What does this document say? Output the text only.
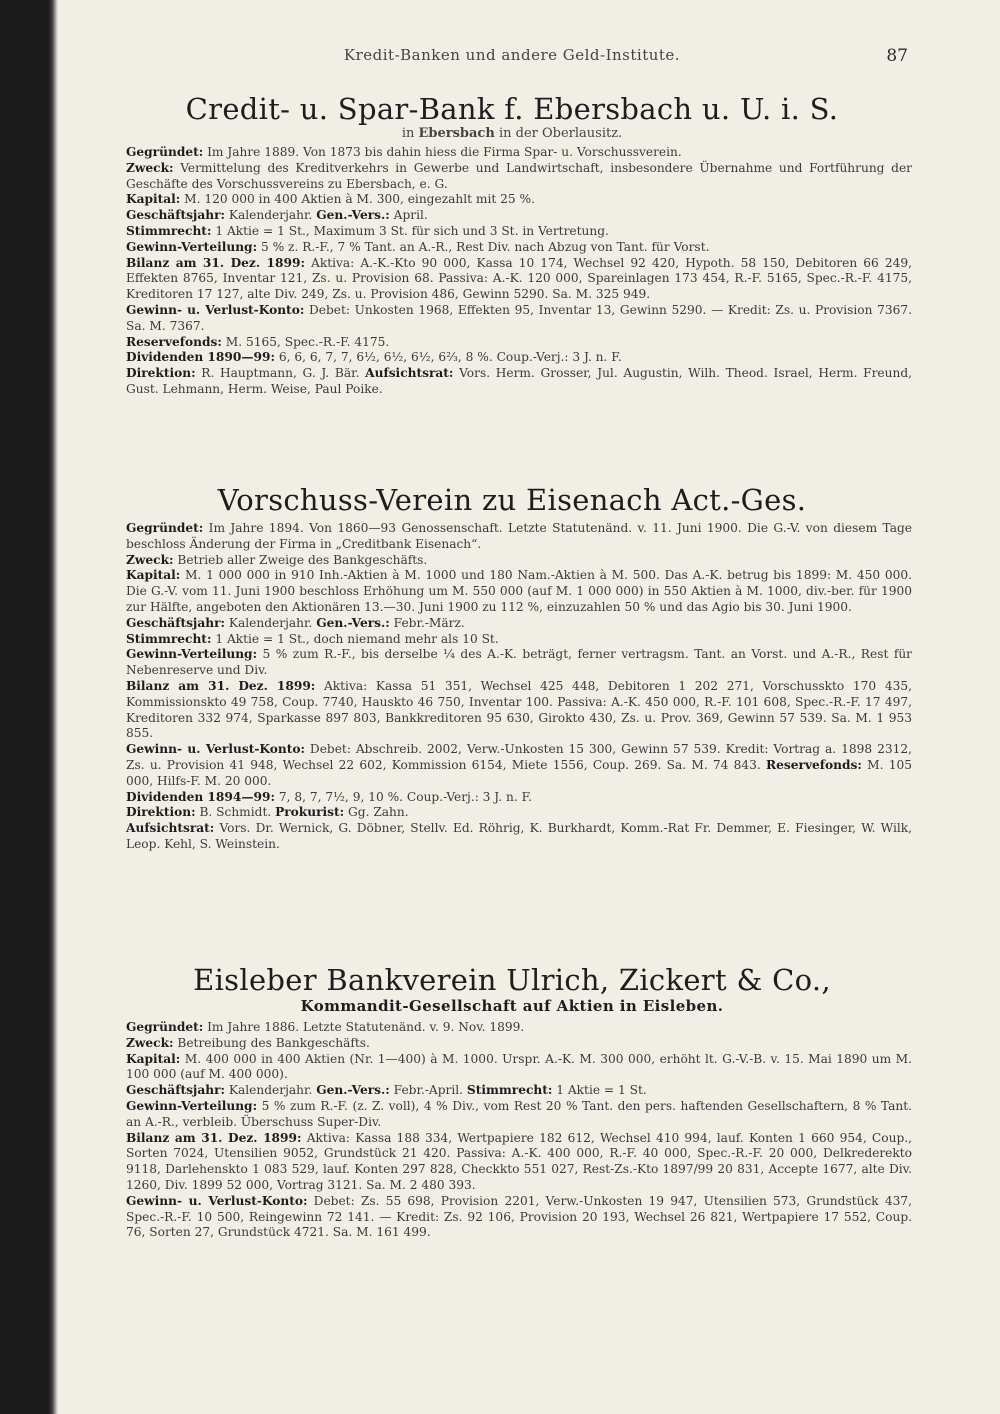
Kredit-Banken und andere Geld-Institute.	87
Credit- u. Spar-Bank f. Ebersbach u. U. i. S.
in Ebersbach in der Oberlausitz.

Gegründet: Im Jahre 1889. Von 1873 bis dahin hiess die Firma Spar- u. Vorschussverein.

Zweck: Vermittelung des Kreditverkehrs in Gewerbe und Landwirtschaft, insbesondere Übernahme und Fortführung der Geschäfte des Vorschussvereins zu Ebersbach, e. G.

Kapital: M. 120 000 in 400 Aktien à M. 300, eingezahlt mit 25 %.

Geschäftsjahr: Kalenderjahr. Gen.-Vers.: April.

Stimmrecht: 1 Aktie = 1 St., Maximum 3 St. für sich und 3 St. in Vertretung.

Gewinn-Verteilung: 5 % z. R.-F., 7 % Tant. an A.-R., Rest Div. nach Abzug von Tant. für Vorst.

Bilanz am 31. Dez. 1899: Aktiva: A.-K.-Kto 90 000, Kassa 10 174, Wechsel 92 420, Hypoth. 58 150, Debitoren 66 249, Effekten 8765, Inventar 121, Zs. u. Provision 68. Passiva: A.-K. 120 000, Spareinlagen 173 454, R.-F. 5165, Spec.-R.-F. 4175, Kreditoren 17 127, alte Div. 249, Zs. u. Provision 486, Gewinn 5290. Sa. M. 325 949.

Gewinn- u. Verlust-Konto: Debet: Unkosten 1968, Effekten 95, Inventar 13, Gewinn 5290. — Kredit: Zs. u. Provision 7367. Sa. M. 7367.

Reservefonds: M. 5165, Spec.-R.-F. 4175.

Dividenden 1890—99: 6, 6, 6, 7, 7, 6½, 6½, 6½, 6⅔, 8 %. Coup.-Verj.: 3 J. n. F.

Direktion: R. Hauptmann, G. J. Bär. Aufsichtsrat: Vors. Herm. Grosser, Jul. Augustin, Wilh. Theod. Israel, Herm. Freund, Gust. Lehmann, Herm. Weise, Paul Poike.

Vorschuss-Verein zu Eisenach Act.-Ges.

Gegründet: Im Jahre 1894. Von 1860—93 Genossenschaft. Letzte Statutenänd. v. 11. Juni 1900. Die G.-V. von diesem Tage beschloss Änderung der Firma in „Creditbank Eisenach“.

Zweck: Betrieb aller Zweige des Bankgeschäfts.

Kapital: M. 1 000 000 in 910 Inh.-Aktien à M. 1000 und 180 Nam.-Aktien à M. 500. Das A.-K. betrug bis 1899: M. 450 000. Die G.-V. vom 11. Juni 1900 beschloss Erhöhung um M. 550 000 (auf M. 1 000 000) in 550 Aktien à M. 1000, div.-ber. für 1900 zur Hälfte, angeboten den Aktionären 13.—30. Juni 1900 zu 112 %, einzuzahlen 50 % und das Agio bis 30. Juni 1900.

Geschäftsjahr: Kalenderjahr. Gen.-Vers.: Febr.-März.

Stimmrecht: 1 Aktie = 1 St., doch niemand mehr als 10 St.

Gewinn-Verteilung: 5 % zum R.-F., bis derselbe ¼ des A.-K. beträgt, ferner vertragsm. Tant. an Vorst. und A.-R., Rest für Nebenreserve und Div.

Bilanz am 31. Dez. 1899: Aktiva: Kassa 51 351, Wechsel 425 448, Debitoren 1 202 271, Vorschusskto 170 435, Kommissionskto 49 758, Coup. 7740, Hauskto 46 750, Inventar 100. Passiva: A.-K. 450 000, R.-F. 101 608, Spec.-R.-F. 17 497, Kreditoren 332 974, Sparkasse 897 803, Bankkreditoren 95 630, Girokto 430, Zs. u. Prov. 369, Gewinn 57 539. Sa. M. 1 953 855.

Gewinn- u. Verlust-Konto: Debet: Abschreib. 2002, Verw.-Unkosten 15 300, Gewinn 57 539. Kredit: Vortrag a. 1898 2312, Zs. u. Provision 41 948, Wechsel 22 602, Kommission 6154, Miete 1556, Coup. 269. Sa. M. 74 843. Reservefonds: M. 105 000, Hilfs-F. M. 20 000.

Dividenden 1894—99: 7, 8, 7, 7½, 9, 10 %. Coup.-Verj.: 3 J. n. F.

Direktion: B. Schmidt. Prokurist: Gg. Zahn.

Aufsichtsrat: Vors. Dr. Wernick, G. Döbner, Stellv. Ed. Röhrig, K. Burkhardt, Komm.-Rat Fr. Demmer, E. Fiesinger, W. Wilk, Leop. Kehl, S. Weinstein.

Eisleber Bankverein Ulrich, Zickert & Co.,
Kommandit-Gesellschaft auf Aktien in Eisleben.

Gegründet: Im Jahre 1886. Letzte Statutenänd. v. 9. Nov. 1899.

Zweck: Betreibung des Bankgeschäfts.

Kapital: M. 400 000 in 400 Aktien (Nr. 1—400) à M. 1000. Urspr. A.-K. M. 300 000, erhöht lt. G.-V.-B. v. 15. Mai 1890 um M. 100 000 (auf M. 400 000).

Geschäftsjahr: Kalenderjahr. Gen.-Vers.: Febr.-April. Stimmrecht: 1 Aktie = 1 St.

Gewinn-Verteilung: 5 % zum R.-F. (z. Z. voll), 4 % Div., vom Rest 20 % Tant. den pers. haftenden Gesellschaftern, 8 % Tant. an A.-R., verbleib. Überschuss Super-Div.

Bilanz am 31. Dez. 1899: Aktiva: Kassa 188 334, Wertpapiere 182 612, Wechsel 410 994, lauf. Konten 1 660 954, Coup., Sorten 7024, Utensilien 9052, Grundstück 21 420. Passiva: A.-K. 400 000, R.-F. 40 000, Spec.-R.-F. 20 000, Delkrederekto 9118, Darlehenskto 1 083 529, lauf. Konten 297 828, Checkkto 551 027, Rest-Zs.-Kto 1897/99 20 831, Accepte 1677, alte Div. 1260, Div. 1899 52 000, Vortrag 3121. Sa. M. 2 480 393.

Gewinn- u. Verlust-Konto: Debet: Zs. 55 698, Provision 2201, Verw.-Unkosten 19 947, Utensilien 573, Grundstück 437, Spec.-R.-F. 10 500, Reingewinn 72 141. — Kredit: Zs. 92 106, Provision 20 193, Wechsel 26 821, Wertpapiere 17 552, Coup. 76, Sorten 27, Grundstück 4721. Sa. M. 161 499.
